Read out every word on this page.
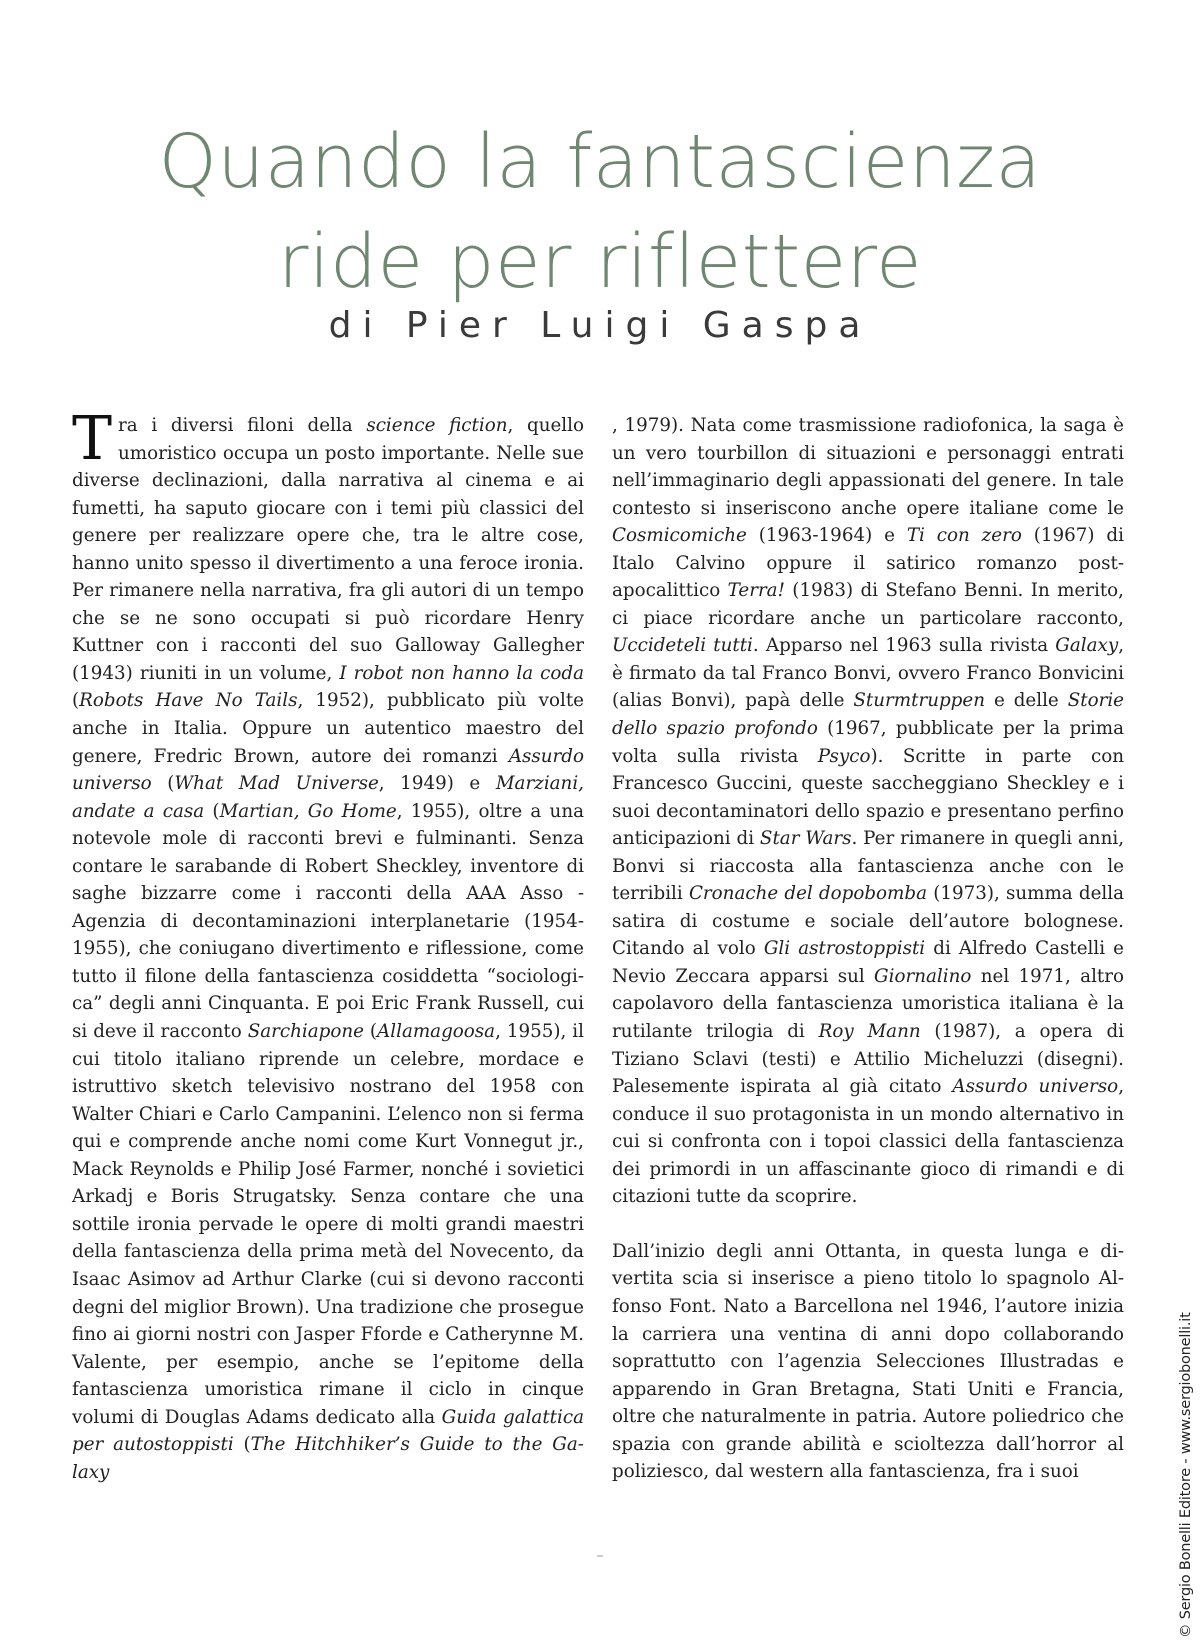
Quando la fantascienza
ride per riflettere
di Pier Luigi Gaspa

T ra i diversi filoni della science fiction, quello umoristico occupa un posto importante. Nelle sue diverse declinazioni, dalla narrativa al cinema e ai fumetti, ha saputo giocare con i temi più classici del genere per realizzare opere che, tra le altre cose, hanno unito spesso il divertimento a una feroce ironia. Per rimanere nella narrativa, fra gli autori di un tempo che se ne sono occupati si può ricordare Henry Kuttner con i racconti del suo Galloway Gallegher (1943) riuniti in un volume, I robot non hanno la coda (Robots Have No Tails, 1952), pubblicato più volte anche in Italia. Oppure un autentico maestro del genere, Fredric Brown, autore dei romanzi Assurdo universo (What Mad Universe, 1949) e Marziani, andate a casa (Martian, Go Home, 1955), oltre a una notevole mole di racconti brevi e fulminanti. Senza contare le sarabande di Robert Sheckley, inventore di saghe bizzarre come i racconti della AAA Asso - Agenzia di decontaminazioni interplanetarie (1954-1955), che coniugano divertimento e riflessione, come tutto il filone della fantascienza cosiddetta “sociologica” degli anni Cinquanta. E poi Eric Frank Russell, cui si deve il racconto Sarchiapone (Allamagoosa, 1955), il cui titolo italiano riprende un celebre, mordace e istruttivo sketch televisivo nostrano del 1958 con Walter Chiari e Carlo Campanini. L’elenco non si ferma qui e comprende anche nomi come Kurt Vonnegut jr., Mack Reynolds e Philip José Farmer, nonché i sovietici Arkadj e Boris Strugatsky. Senza contare che una sottile ironia pervade le opere di molti grandi maestri della fantascienza della prima metà del Novecento, da Isaac Asimov ad Arthur Clarke (cui si devono racconti degni del miglior Brown). Una tradizione che prosegue fino ai giorni nostri con Jasper Fforde e Catherynne M. Valente, per esempio, anche se l’epitome della fantascienza umoristica rimane il ciclo in cinque volumi di Douglas Adams dedicato alla Guida galattica per autostoppisti (The Hitchhiker’s Guide to the Galaxy

, 1979). Nata come trasmissione radiofonica, la saga è un vero tourbillon di situazioni e personaggi entrati nell’immaginario degli appassionati del genere. In tale contesto si inseriscono anche opere italiane come le Cosmicomiche (1963-1964) e Ti con zero (1967) di Italo Calvino oppure il satirico romanzo post-apocalittico Terra! (1983) di Stefano Benni. In merito, ci piace ricordare anche un particolare racconto, Uccideteli tutti. Apparso nel 1963 sulla rivista Galaxy, è firmato da tal Franco Bonvi, ovvero Franco Bonvicini (alias Bonvi), papà delle Sturmtruppen e delle Storie dello spazio profondo (1967, pubblicate per la prima volta sulla rivista Psyco). Scritte in parte con Francesco Guccini, queste saccheggiano Sheckley e i suoi decontaminatori dello spazio e presentano perfino anticipazioni di Star Wars. Per rimanere in quegli anni, Bonvi si riaccosta alla fantascienza anche con le terribili Cronache del dopobomba (1973), summa della satira di costume e sociale dell’autore bolognese. Citando al volo Gli astrostoppisti di Alfredo Castelli e Nevio Zeccara apparsi sul Giornalino nel 1971, altro capolavoro della fantascienza umoristica italiana è la rutilante trilogia di Roy Mann (1987), a opera di Tiziano Sclavi (testi) e Attilio Micheluzzi (disegni). Palesemente ispirata al già citato Assurdo universo, conduce il suo protagonista in un mondo alternativo in cui si confronta con i topoi classici della fantascienza dei primordi in un affascinante gioco di rimandi e di citazioni tutte da scoprire.

Dall’inizio degli anni Ottanta, in questa lunga e divertita scia si inserisce a pieno titolo lo spagnolo Alfonso Font. Nato a Barcellona nel 1946, l’autore inizia la carriera una ventina di anni dopo collaborando soprattutto con l’agenzia Selecciones Illustradas e apparendo in Gran Bretagna, Stati Uniti e Francia, oltre che naturalmente in patria. Autore poliedrico che spazia con grande abilità e scioltezza dall’horror al poliziesco, dal western alla fantascienza, fra i suoi	© Sergio Bonelli Editore - www.sergiobonelli.it
